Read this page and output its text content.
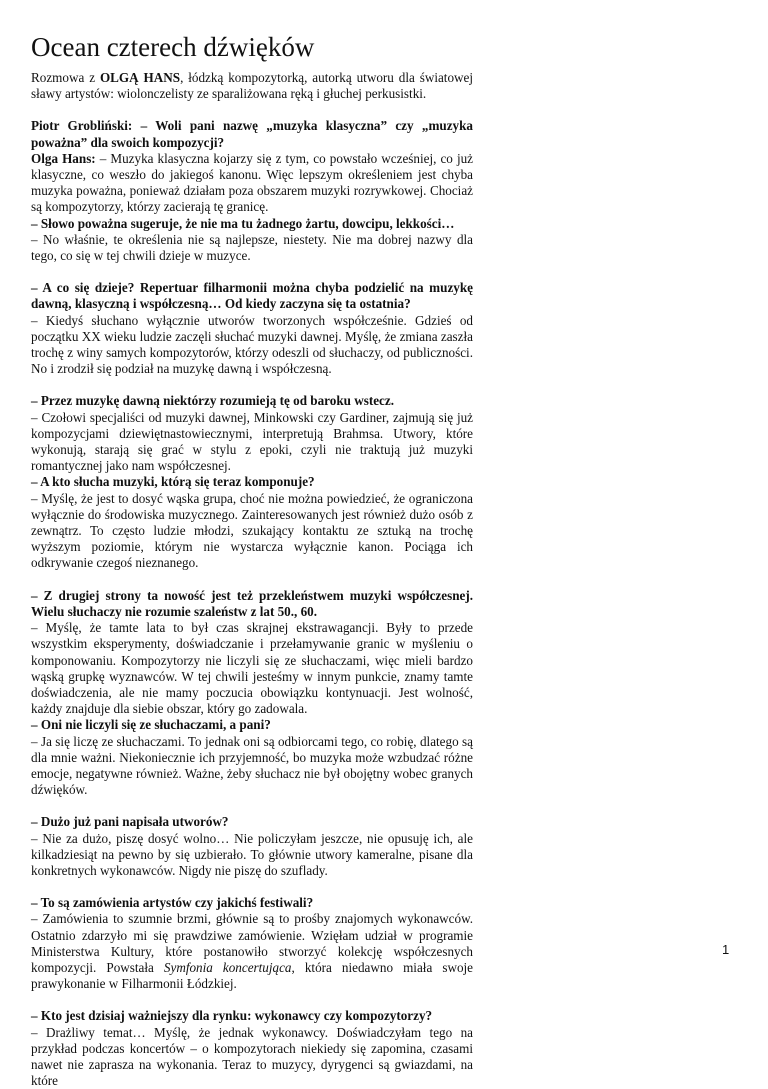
Ocean czterech dźwięków

Rozmowa z OLGĄ HANS, łódzką kompozytorką, autorką utworu dla światowej sławy artystów: wiolonczelisty ze sparaliżowana ręką i głuchej perkusistki.

Piotr Grobliński: – Woli pani nazwę „muzyka klasyczna” czy „muzyka poważna” dla swoich kompozycji?

Olga Hans: – Muzyka klasyczna kojarzy się z tym, co powstało wcześniej, co już klasyczne, co weszło do jakiegoś kanonu. Więc lepszym określeniem jest chyba muzyka poważna, ponieważ działam poza obszarem muzyki rozrywkowej. Chociaż są kompozytorzy, którzy zacierają tę granicę.

– Słowo poważna sugeruje, że nie ma tu żadnego żartu, dowcipu, lekkości…

– No właśnie, te określenia nie są najlepsze, niestety. Nie ma dobrej nazwy dla tego, co się w tej chwili dzieje w muzyce.

– A co się dzieje? Repertuar filharmonii można chyba podzielić na muzykę dawną, klasyczną i współczesną… Od kiedy zaczyna się ta ostatnia?

– Kiedyś słuchano wyłącznie utworów tworzonych współcześnie. Gdzieś od początku XX wieku ludzie zaczęli słuchać muzyki dawnej. Myślę, że zmiana zaszła trochę z winy samych kompozytorów, którzy odeszli od słuchaczy, od publiczności. No i zrodził się podział na muzykę dawną i współczesną.

– Przez muzykę dawną niektórzy rozumieją tę od baroku wstecz.

– Czołowi specjaliści od muzyki dawnej, Minkowski czy Gardiner, zajmują się już kompozycjami dziewiętnastowiecznymi, interpretują Brahmsa. Utwory, które wykonują, starają się grać w stylu z epoki, czyli nie traktują już muzyki romantycznej jako nam współczesnej.

– A kto słucha muzyki, którą się teraz komponuje?

– Myślę, że jest to dosyć wąska grupa, choć nie można powiedzieć, że ograniczona wyłącznie do środowiska muzycznego. Zainteresowanych jest również dużo osób z zewnątrz. To często ludzie młodzi, szukający kontaktu ze sztuką na trochę wyższym poziomie, którym nie wystarcza wyłącznie kanon. Pociąga ich odkrywanie czegoś nieznanego.

– Z drugiej strony ta nowość jest też przekleństwem muzyki współczesnej. Wielu słuchaczy nie rozumie szaleństw z lat 50., 60.

– Myślę, że tamte lata to był czas skrajnej ekstrawagancji. Były to przede wszystkim eksperymenty, doświadczanie i przełamywanie granic w myśleniu o komponowaniu. Kompozytorzy nie liczyli się ze słuchaczami, więc mieli bardzo wąską grupkę wyznawców. W tej chwili jesteśmy w innym punkcie, znamy tamte doświadczenia, ale nie mamy poczucia obowiązku kontynuacji. Jest wolność, każdy znajduje dla siebie obszar, który go zadowala.

– Oni nie liczyli się ze słuchaczami, a pani?

– Ja się liczę ze słuchaczami. To jednak oni są odbiorcami tego, co robię, dlatego są dla mnie ważni. Niekoniecznie ich przyjemność, bo muzyka może wzbudzać różne emocje, negatywne również. Ważne, żeby słuchacz nie był obojętny wobec granych dźwięków.

– Dużo już pani napisała utworów?

– Nie za dużo, piszę dosyć wolno… Nie policzyłam jeszcze, nie opusuję ich, ale kilkadziesiąt na pewno by się uzbierało. To głównie utwory kameralne, pisane dla konkretnych wykonawców. Nigdy nie piszę do szuflady.

– To są zamówienia artystów czy jakichś festiwali?

– Zamówienia to szumnie brzmi, głównie są to prośby znajomych wykonawców. Ostatnio zdarzyło mi się prawdziwe zamówienie. Wzięłam udział w programie Ministerstwa Kultury, które postanowiło stworzyć kolekcję współczesnych kompozycji. Powstała Symfonia koncertująca, która niedawno miała swoje prawykonanie w Filharmonii Łódzkiej.

– Kto jest dzisiaj ważniejszy dla rynku: wykonawcy czy kompozytorzy?

– Drażliwy temat… Myślę, że jednak wykonawcy. Doświadczyłam tego na przykład podczas koncertów – o kompozytorach niekiedy się zapomina, czasami nawet nie zaprasza na wykonania. Teraz to muzycy, dyrygenci są gwiazdami, na które

1
